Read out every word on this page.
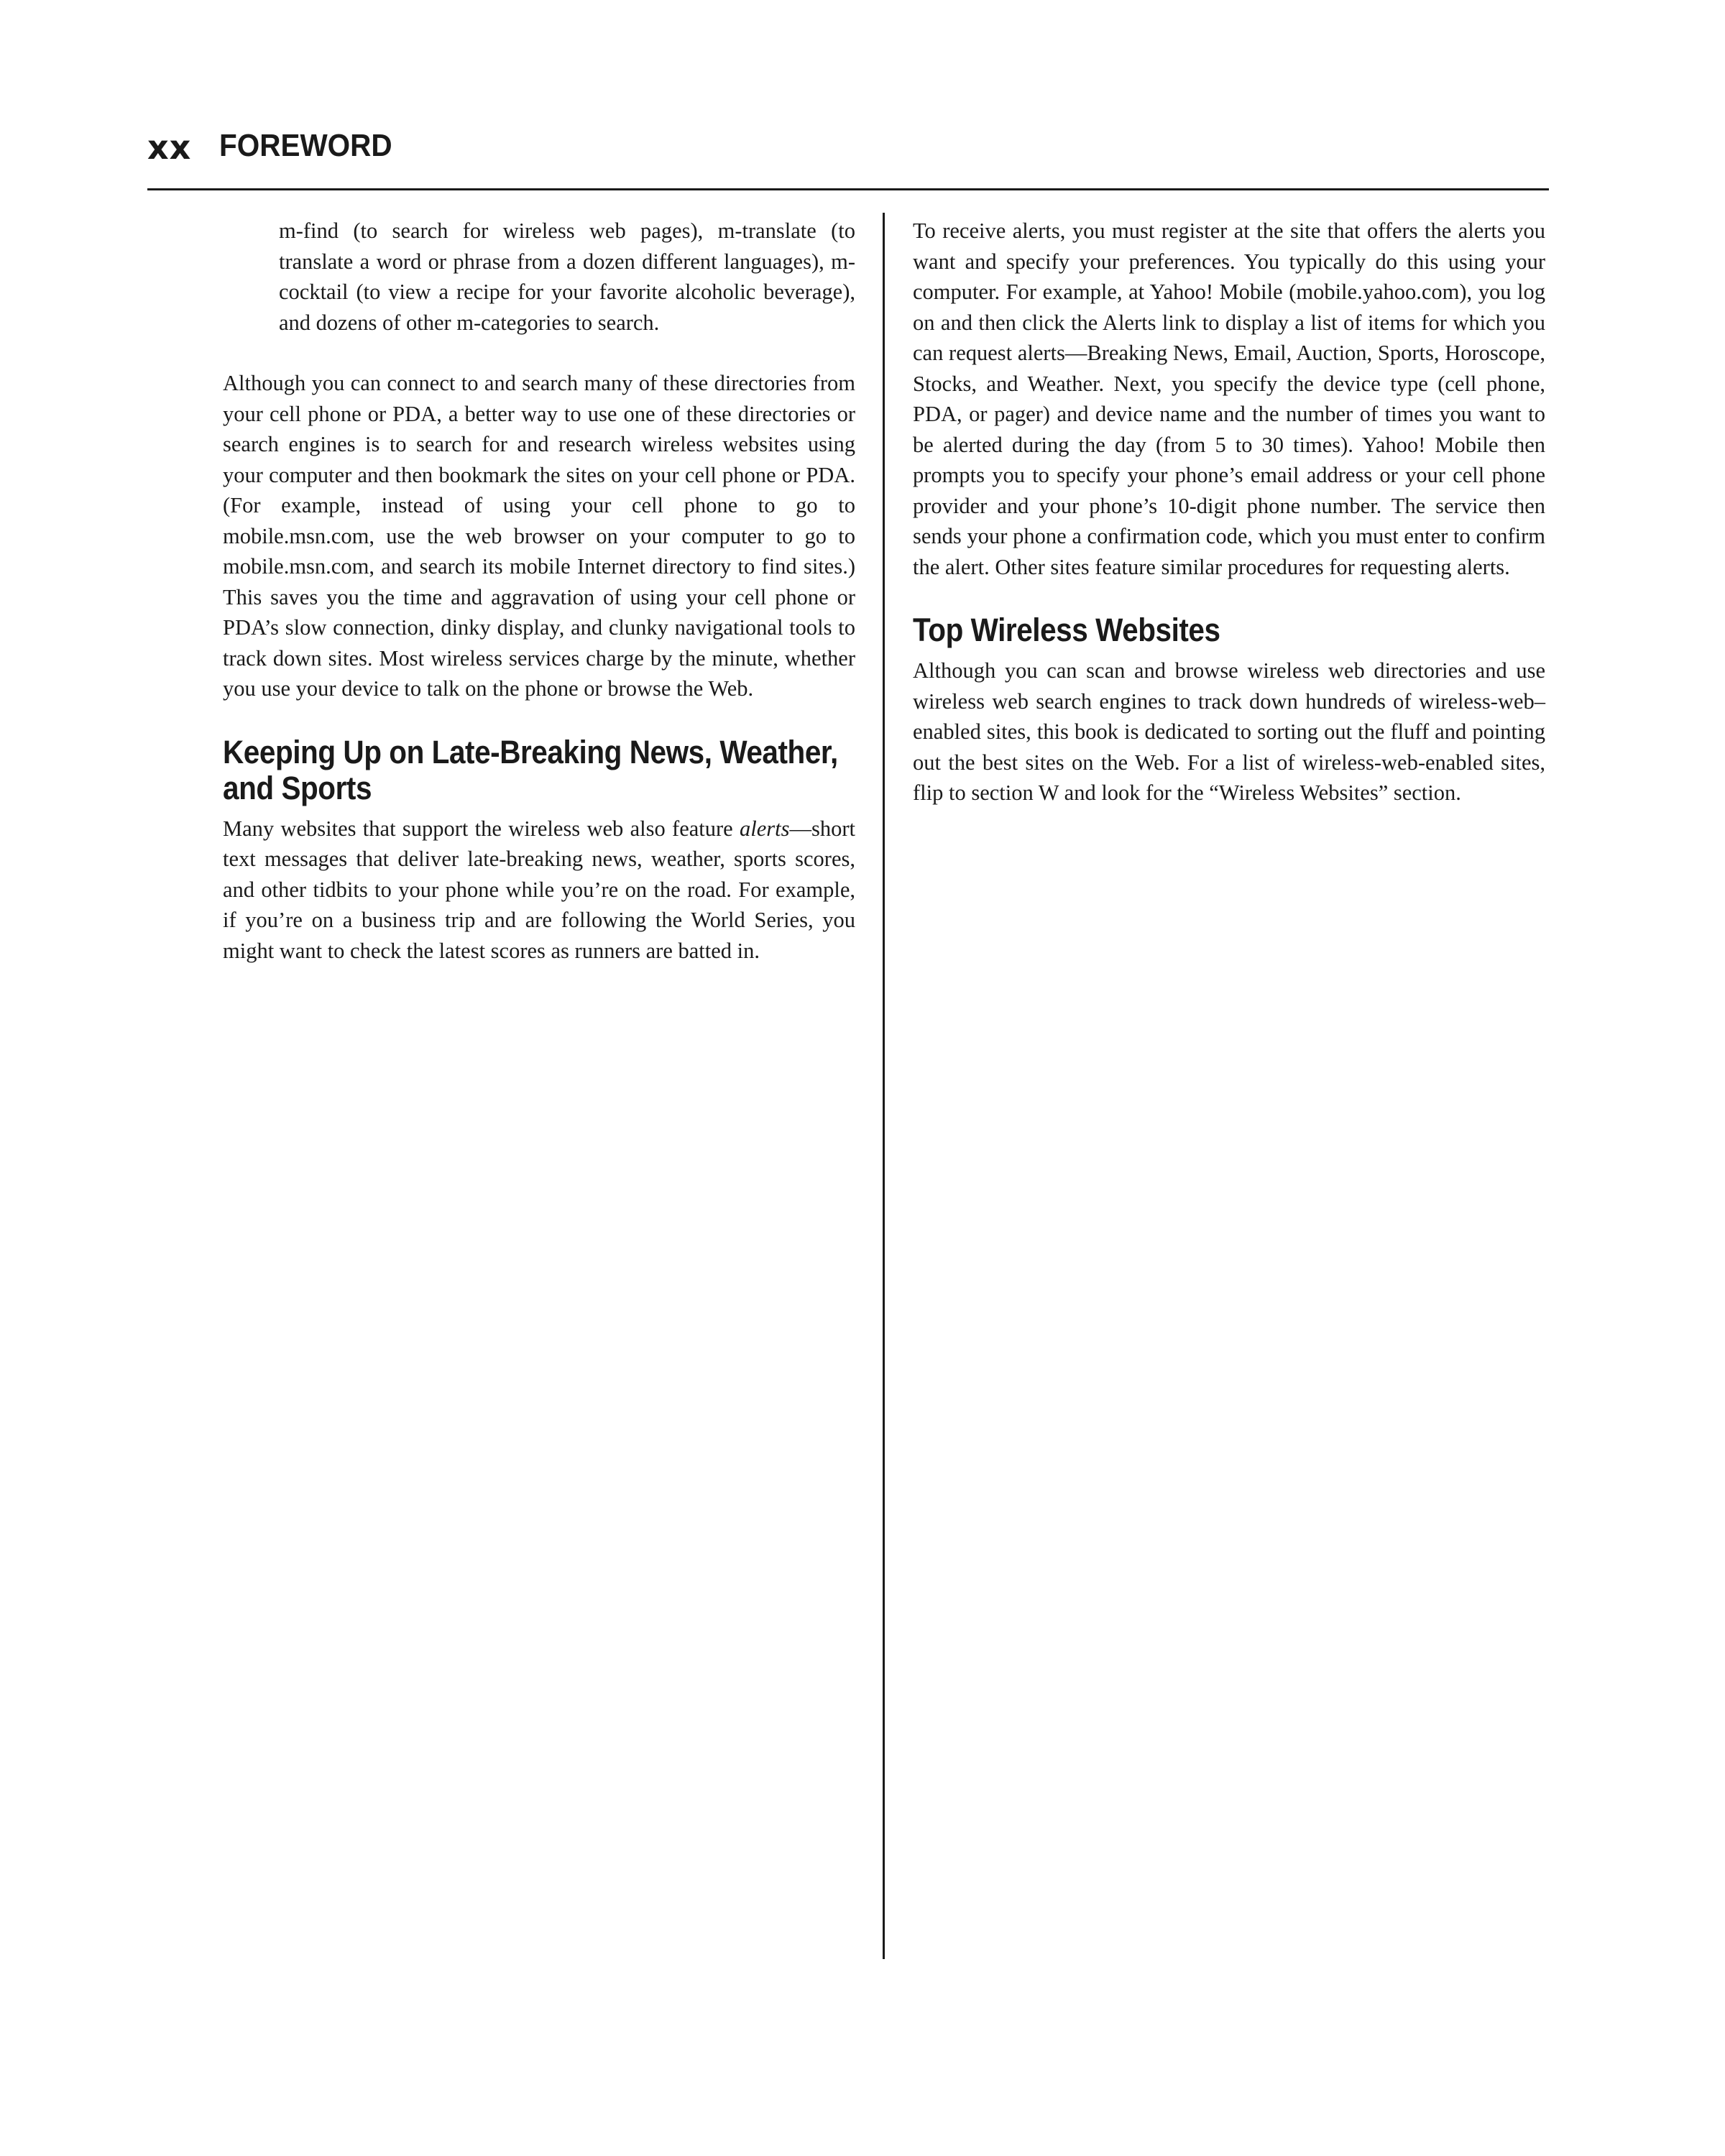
xx FOREWORD

m-find (to search for wireless web pages), m-translate (to translate a word or phrase from a dozen different languages), m-cocktail (to view a recipe for your favorite alcoholic beverage), and dozens of other m-categories to search.

Although you can connect to and search many of these directories from your cell phone or PDA, a better way to use one of these directories or search engines is to search for and research wireless websites using your computer and then bookmark the sites on your cell phone or PDA. (For example, instead of using your cell phone to go to mobile.msn.com, use the web browser on your computer to go to mobile.msn.com, and search its mobile Internet directory to find sites.) This saves you the time and aggravation of using your cell phone or PDA’s slow connection, dinky display, and clunky navigational tools to track down sites. Most wireless services charge by the minute, whether you use your device to talk on the phone or browse the Web.

Keeping Up on Late-Breaking News, Weather, and Sports

Many websites that support the wireless web also feature alerts—short text messages that deliver late-breaking news, weather, sports scores, and other tidbits to your phone while you’re on the road. For example, if you’re on a business trip and are following the World Series, you might want to check the latest scores as runners are batted in.

To receive alerts, you must register at the site that offers the alerts you want and specify your preferences. You typically do this using your computer. For example, at Yahoo! Mobile (mobile.yahoo.com), you log on and then click the Alerts link to display a list of items for which you can request alerts—Breaking News, Email, Auction, Sports, Horoscope, Stocks, and Weather. Next, you specify the device type (cell phone, PDA, or pager) and device name and the number of times you want to be alerted during the day (from 5 to 30 times). Yahoo! Mobile then prompts you to specify your phone’s email address or your cell phone provider and your phone’s 10-digit phone number. The service then sends your phone a confirmation code, which you must enter to confirm the alert. Other sites feature similar procedures for requesting alerts.

Top Wireless Websites

Although you can scan and browse wireless web directories and use wireless web search engines to track down hundreds of wireless-web–enabled sites, this book is dedicated to sorting out the fluff and pointing out the best sites on the Web. For a list of wireless-web-enabled sites, flip to section W and look for the “Wireless Websites” section.
